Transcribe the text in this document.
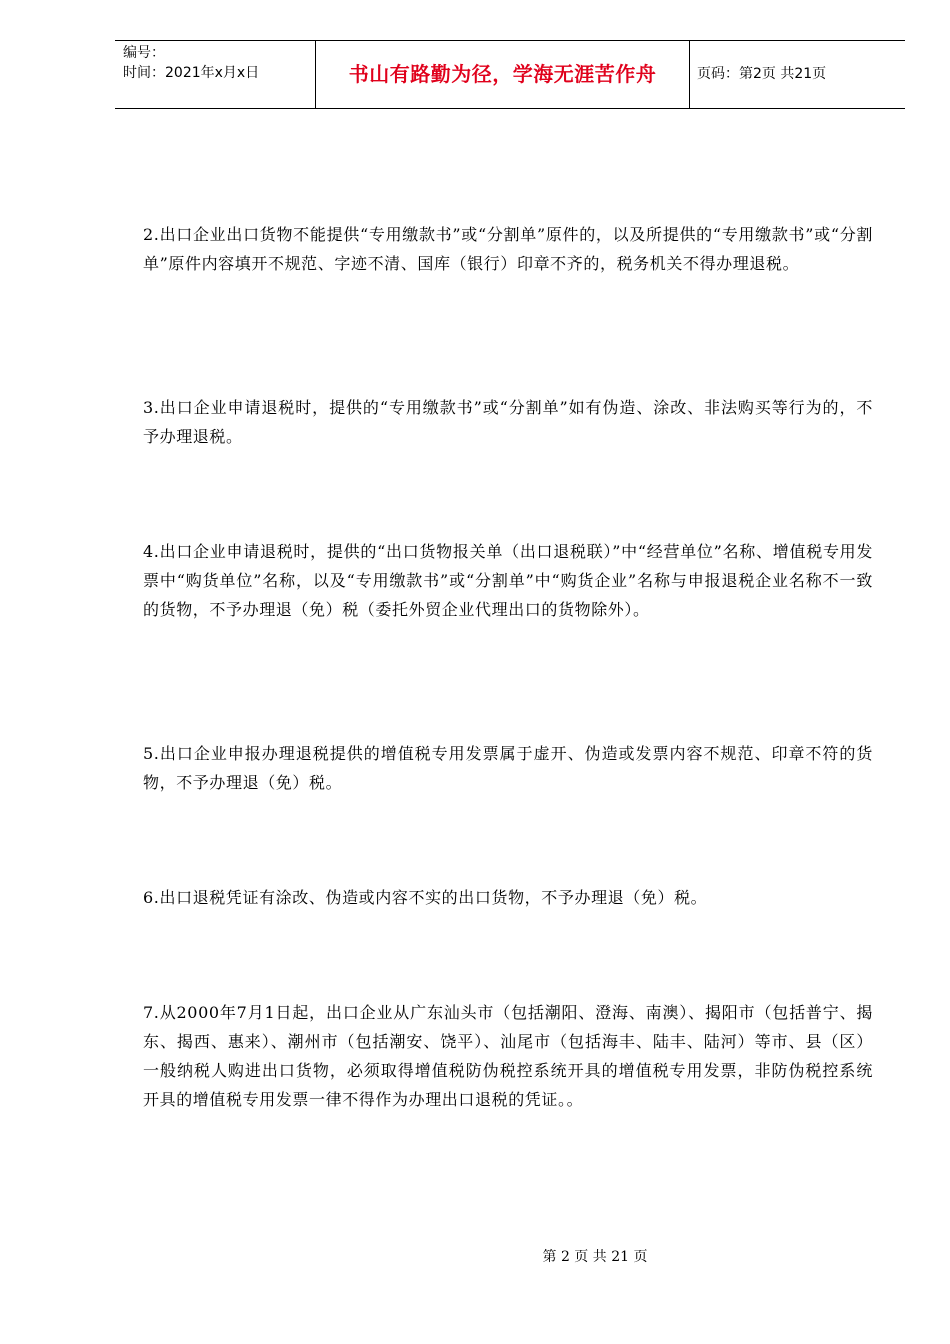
编号：
时间：2021年x月x日	书山有路勤为径，学海无涯苦作舟	页码：第2页 共21页

2.出口企业出口货物不能提供“专用缴款书”或“分割单”原件的，以及所提供的“专用缴款书”或“分割单”原件内容填开不规范、字迹不清、国库（银行）印章不齐的，税务机关不得办理退税。

3.出口企业申请退税时，提供的“专用缴款书”或“分割单”如有伪造、涂改、非法购买等行为的，不予办理退税。

4.出口企业申请退税时，提供的“出口货物报关单（出口退税联）”中“经营单位”名称、增值税专用发票中“购货单位”名称，以及“专用缴款书”或“分割单”中“购货企业”名称与申报退税企业名称不一致的货物，不予办理退（免）税（委托外贸企业代理出口的货物除外）。

5.出口企业申报办理退税提供的增值税专用发票属于虚开、伪造或发票内容不规范、印章不符的货物，不予办理退（免）税。

6.出口退税凭证有涂改、伪造或内容不实的出口货物，不予办理退（免）税。

7.从2000年7月1日起，出口企业从广东汕头市（包括潮阳、澄海、南澳）、揭阳市（包括普宁、揭东、揭西、惠来）、潮州市（包括潮安、饶平）、汕尾市（包括海丰、陆丰、陆河）等市、县（区）一般纳税人购进出口货物，必须取得增值税防伪税控系统开具的增值税专用发票，非防伪税控系统开具的增值税专用发票一律不得作为办理出口退税的凭证。。

第 2 页 共 21 页
